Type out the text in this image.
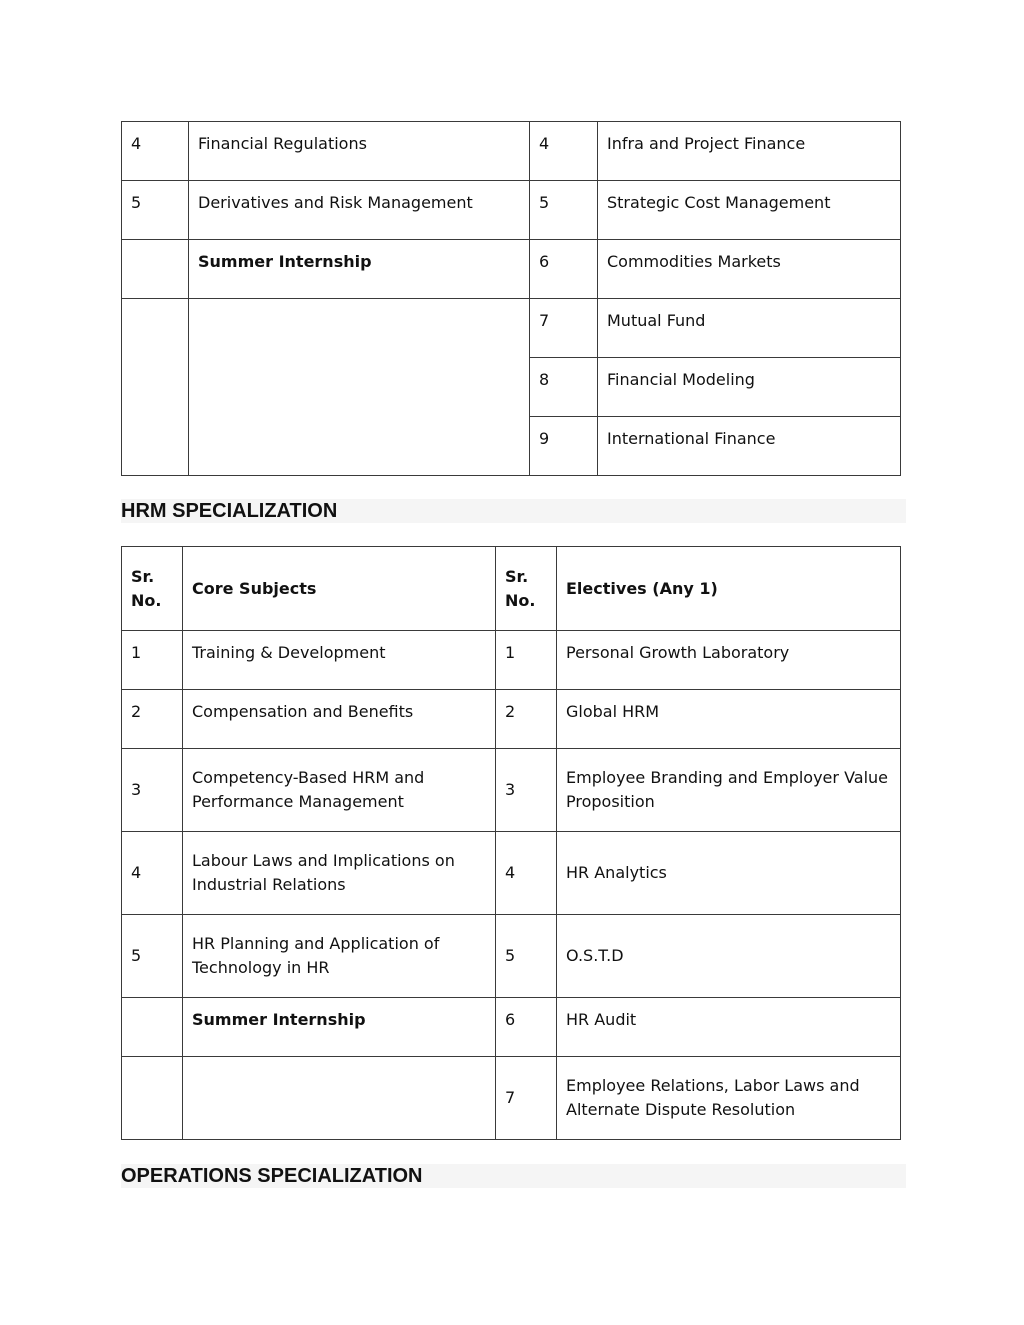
4	Financial Regulations	4	Infra and Project Finance
5	Derivatives and Risk Management	5	Strategic Cost Management
	Summer Internship	6	Commodities Markets
		7	Mutual Fund
		8	Financial Modeling
		9	International Finance
HRM SPECIALIZATION
Sr. No.	Core Subjects	Sr. No.	Electives (Any 1)
1	Training & Development	1	Personal Growth Laboratory
2	Compensation and Benefits	2	Global HRM
3	Competency-Based HRM and Performance Management	3	Employee Branding and Employer Value Proposition
4	Labour Laws and Implications on Industrial Relations	4	HR Analytics
5	HR Planning and Application of Technology in HR	5	O.S.T.D
	Summer Internship	6	HR Audit
		7	Employee Relations, Labor Laws and Alternate Dispute Resolution
OPERATIONS SPECIALIZATION
